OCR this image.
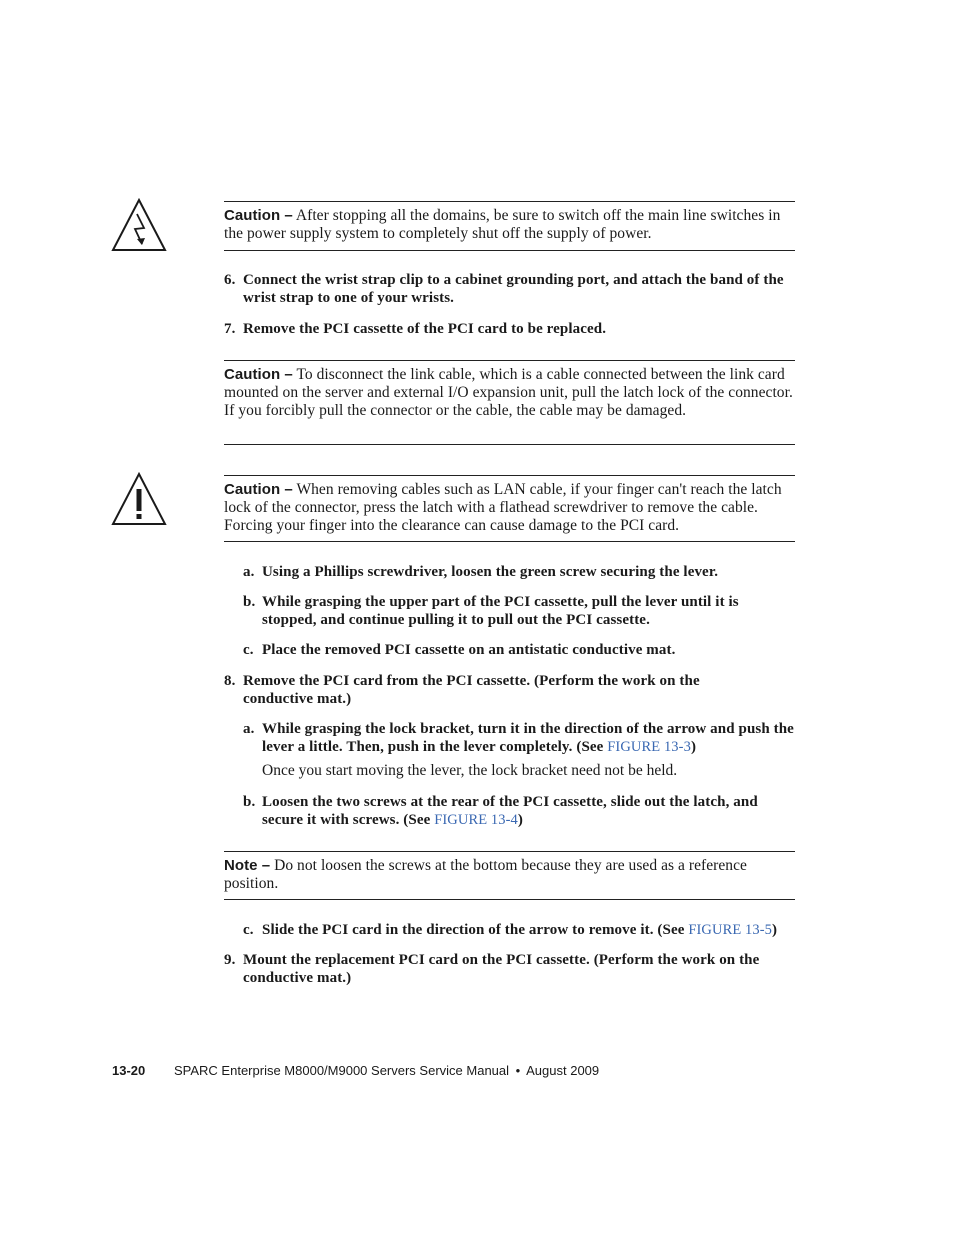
Caution – After stopping all the domains, be sure to switch off the main line switches in the power supply system to completely shut off the supply of power.
6. Connect the wrist strap clip to a cabinet grounding port, and attach the band of the wrist strap to one of your wrists.
7. Remove the PCI cassette of the PCI card to be replaced.
Caution – To disconnect the link cable, which is a cable connected between the link card mounted on the server and external I/O expansion unit, pull the latch lock of the connector. If you forcibly pull the connector or the cable, the cable may be damaged.
Caution – When removing cables such as LAN cable, if your finger can't reach the latch lock of the connector, press the latch with a flathead screwdriver to remove the cable. Forcing your finger into the clearance can cause damage to the PCI card.
a. Using a Phillips screwdriver, loosen the green screw securing the lever.
b. While grasping the upper part of the PCI cassette, pull the lever until it is stopped, and continue pulling it to pull out the PCI cassette.
c. Place the removed PCI cassette on an antistatic conductive mat.
8. Remove the PCI card from the PCI cassette. (Perform the work on the conductive mat.)
a. While grasping the lock bracket, turn it in the direction of the arrow and push the lever a little. Then, push in the lever completely. (See FIGURE 13-3)
Once you start moving the lever, the lock bracket need not be held.
b. Loosen the two screws at the rear of the PCI cassette, slide out the latch, and secure it with screws. (See FIGURE 13-4)
Note – Do not loosen the screws at the bottom because they are used as a reference position.
c. Slide the PCI card in the direction of the arrow to remove it. (See FIGURE 13-5)
9. Mount the replacement PCI card on the PCI cassette. (Perform the work on the conductive mat.)
13-20 SPARC Enterprise M8000/M9000 Servers Service Manual • August 2009
